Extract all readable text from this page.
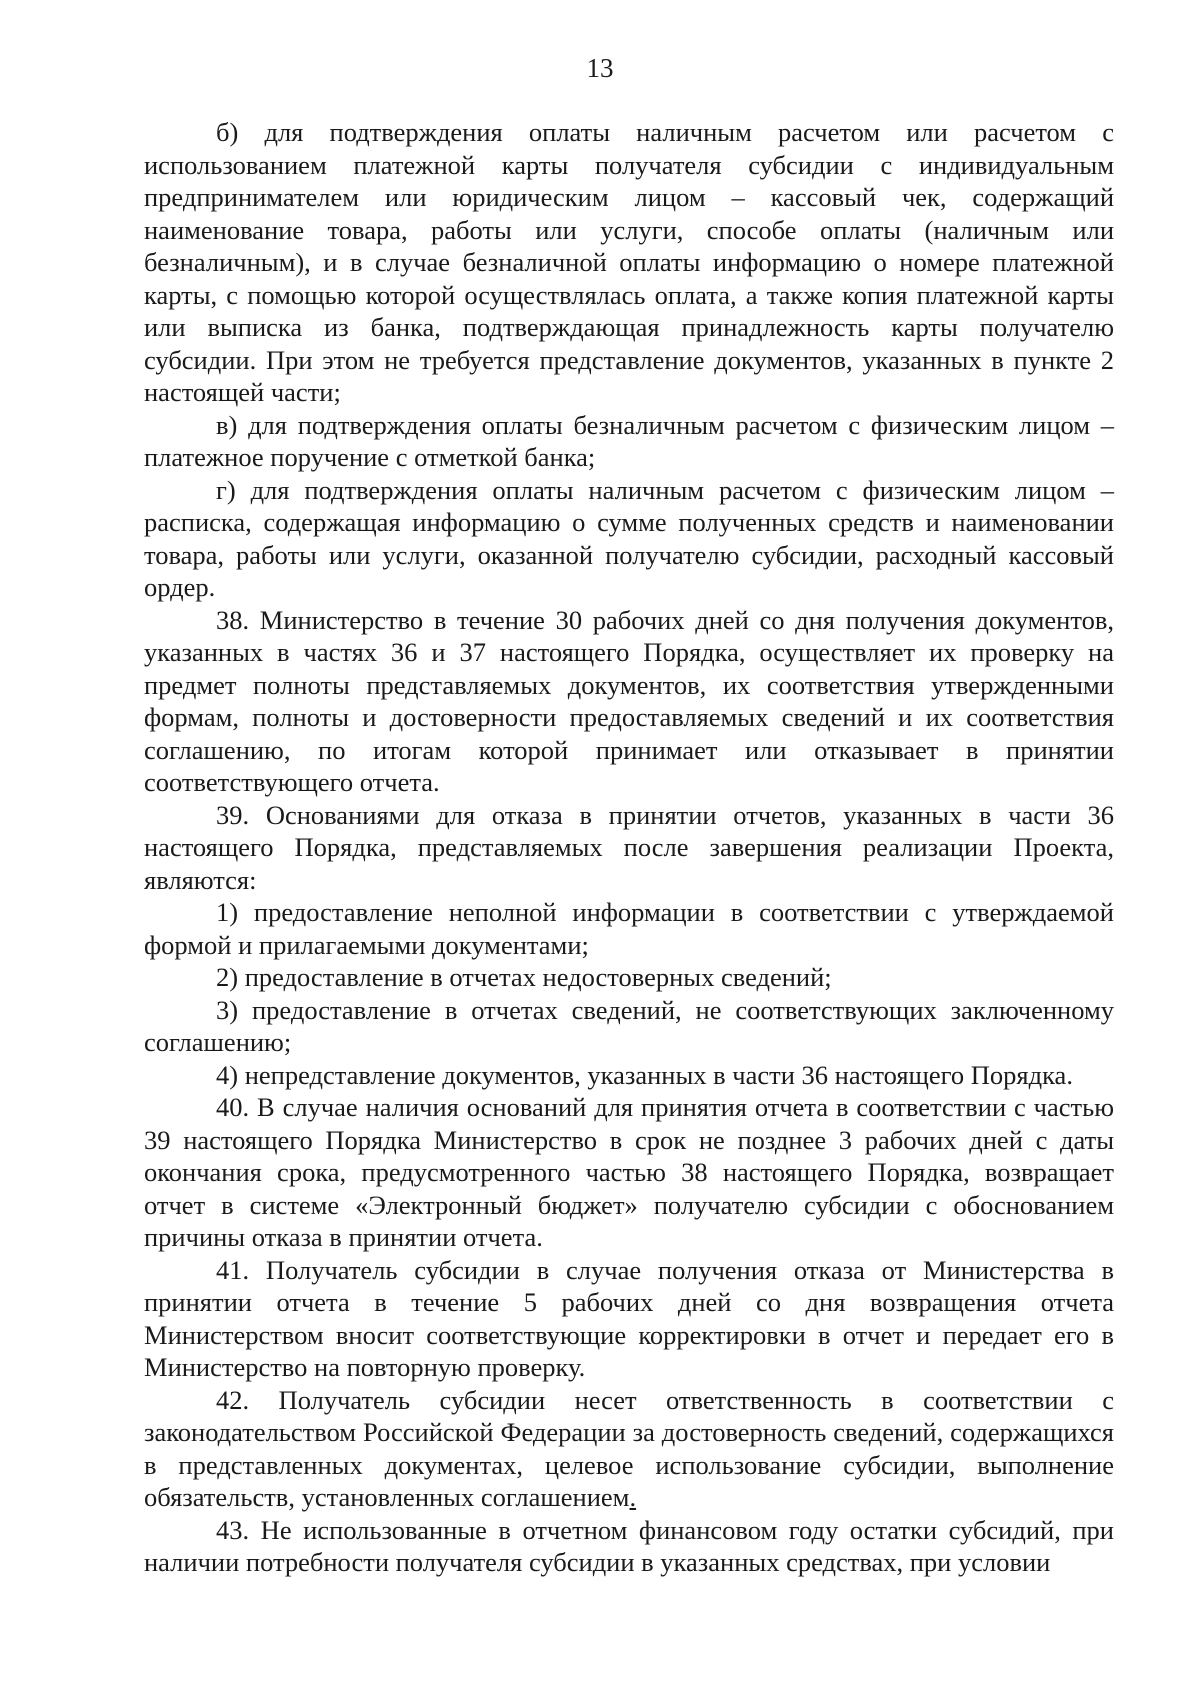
13

б) для подтверждения оплаты наличным расчетом или расчетом с использованием платежной карты получателя субсидии с индивидуальным предпринимателем или юридическим лицом – кассовый чек, содержащий наименование товара, работы или услуги, способе оплаты (наличным или безналичным), и в случае безналичной оплаты информацию о номере платежной карты, с помощью которой осуществлялась оплата, а также копия платежной карты или выписка из банка, подтверждающая принадлежность карты получателю субсидии. При этом не требуется представление документов, указанных в пункте 2 настоящей части;

в) для подтверждения оплаты безналичным расчетом с физическим лицом – платежное поручение с отметкой банка;

г) для подтверждения оплаты наличным расчетом с физическим лицом – расписка, содержащая информацию о сумме полученных средств и наименовании товара, работы или услуги, оказанной получателю субсидии, расходный кассовый ордер.

38. Министерство в течение 30 рабочих дней со дня получения документов, указанных в частях 36 и 37 настоящего Порядка, осуществляет их проверку на предмет полноты представляемых документов, их соответствия утвержденными формам, полноты и достоверности предоставляемых сведений и их соответствия соглашению, по итогам которой принимает или отказывает в принятии соответствующего отчета.

39. Основаниями для отказа в принятии отчетов, указанных в части 36 настоящего Порядка, представляемых после завершения реализации Проекта, являются:

1) предоставление неполной информации в соответствии с утверждаемой формой и прилагаемыми документами;

2) предоставление в отчетах недостоверных сведений;

3) предоставление в отчетах сведений, не соответствующих заключенному соглашению;

4) непредставление документов, указанных в части 36 настоящего Порядка.

40. В случае наличия оснований для принятия отчета в соответствии с частью 39 настоящего Порядка Министерство в срок не позднее 3 рабочих дней с даты окончания срока, предусмотренного частью 38 настоящего Порядка, возвращает отчет в системе «Электронный бюджет» получателю субсидии с обоснованием причины отказа в принятии отчета.

41. Получатель субсидии в случае получения отказа от Министерства в принятии отчета в течение 5 рабочих дней со дня возвращения отчета Министерством вносит соответствующие корректировки в отчет и передает его в Министерство на повторную проверку.

42. Получатель субсидии несет ответственность в соответствии с законодательством Российской Федерации за достоверность сведений, содержащихся в представленных документах, целевое использование субсидии, выполнение обязательств, установленных соглашением.

43. Не использованные в отчетном финансовом году остатки субсидий, при наличии потребности получателя субсидии в указанных средствах, при условии
